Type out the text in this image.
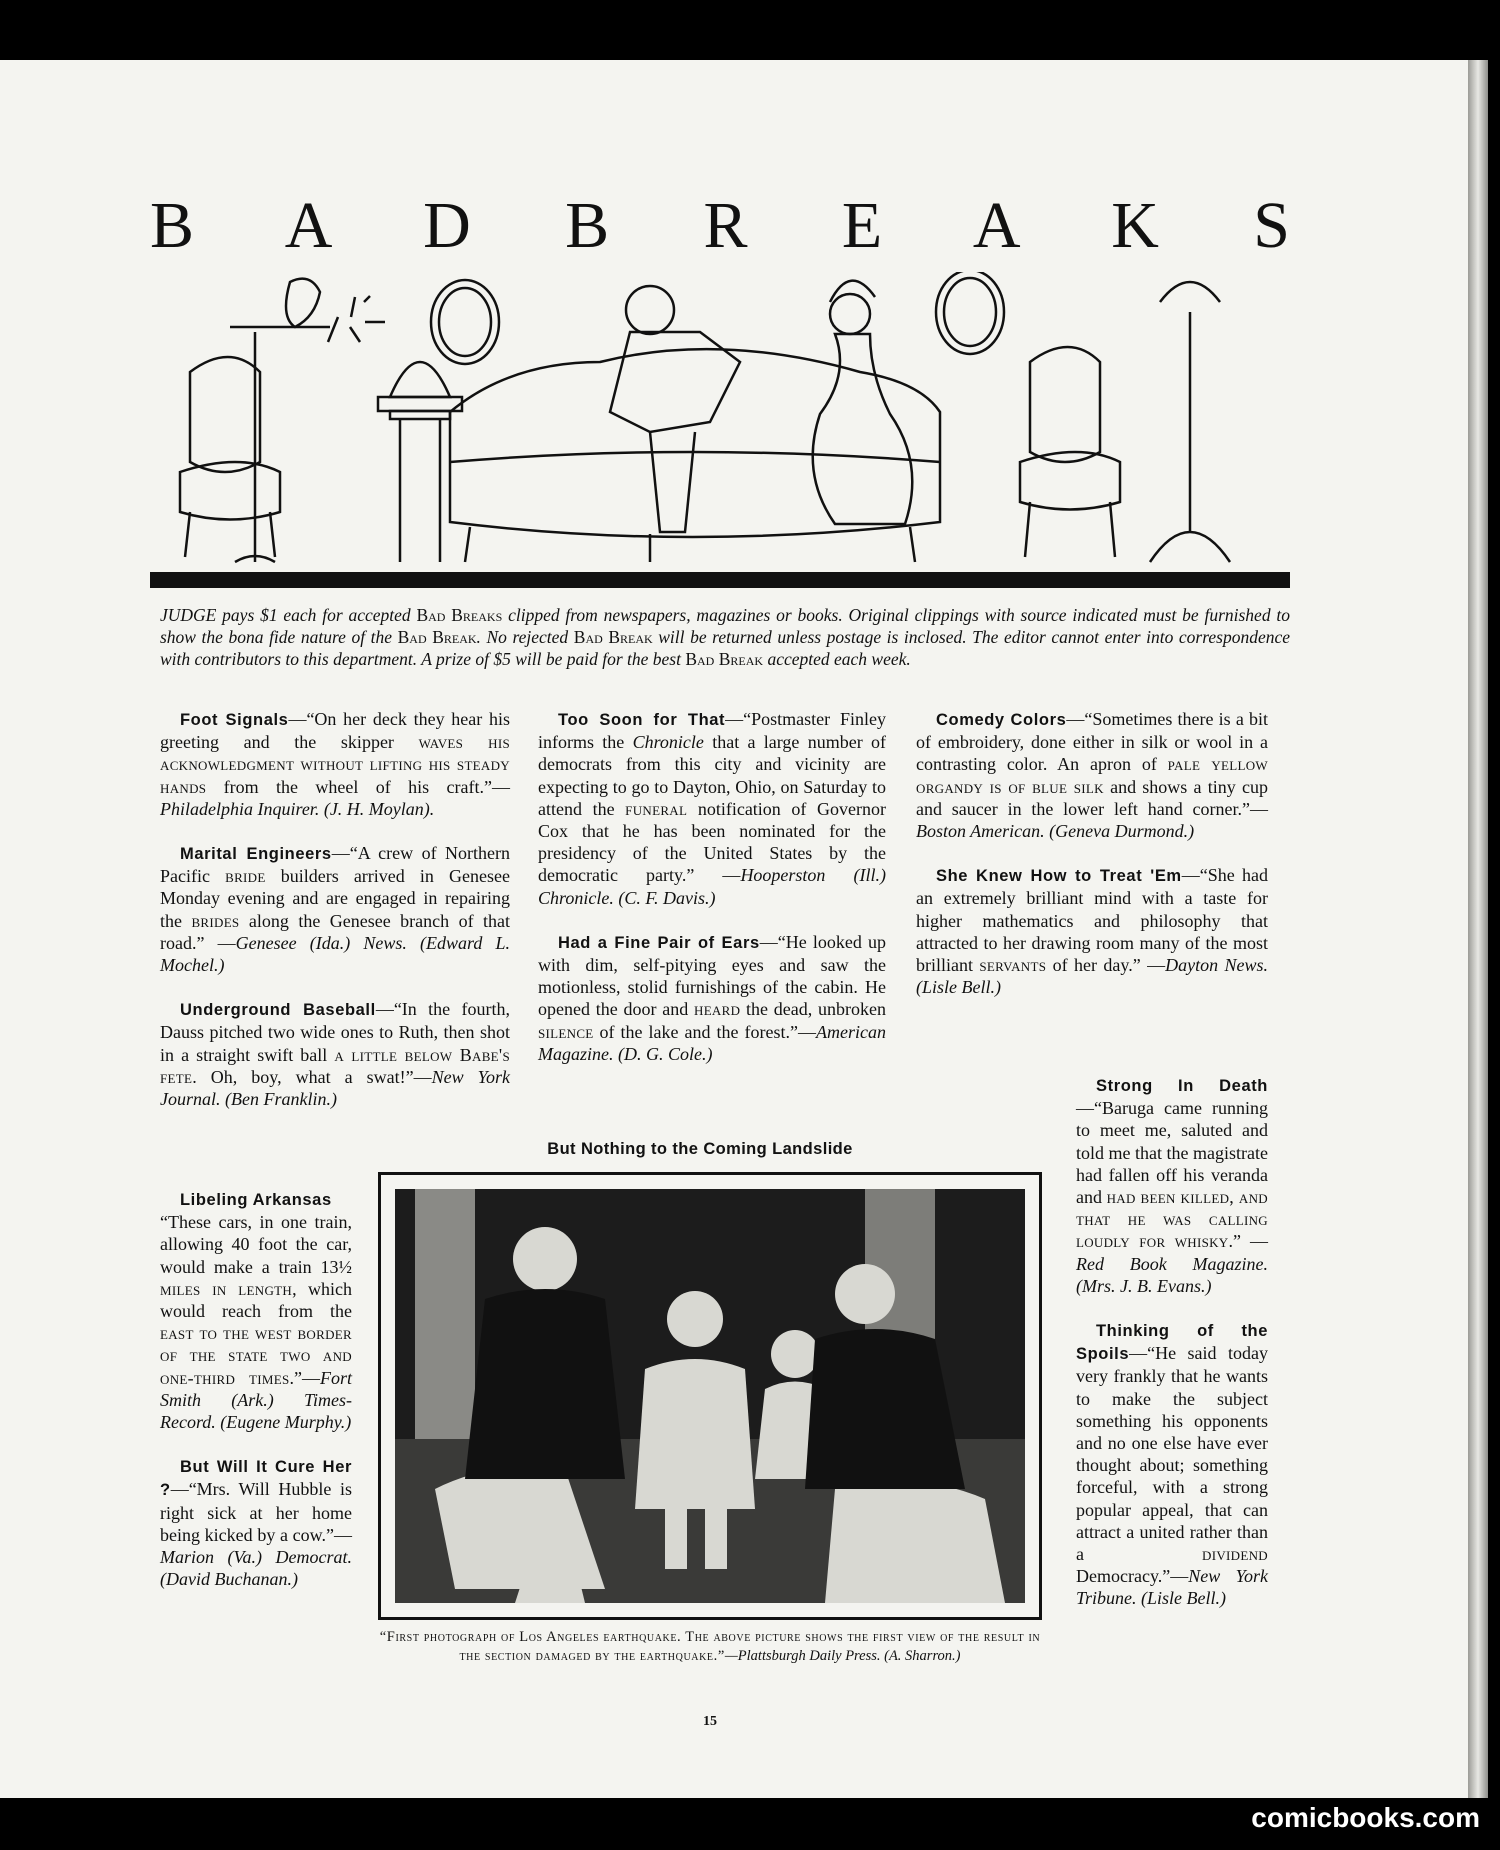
B A D B R E A K S
JUDGE pays $1 each for accepted Bad Breaks clipped from newspapers, magazines or books. Original clippings with source indicated must be furnished to show the bona fide nature of the Bad Break. No rejected Bad Break will be returned unless postage is inclosed. The editor cannot enter into correspondence with contributors to this department. A prize of $5 will be paid for the best Bad Break accepted each week.

Foot Signals—“On her deck they hear his greeting and the skipper waves his acknowledgment without lifting his steady hands from the wheel of his craft.”—Philadelphia Inquirer. (J. H. Moylan).

Marital Engineers—“A crew of Northern Pacific bride builders arrived in Genesee Monday evening and are engaged in repairing the brides along the Genesee branch of that road.” —Genesee (Ida.) News. (Edward L. Mochel.)

Underground Baseball—“In the fourth, Dauss pitched two wide ones to Ruth, then shot in a straight swift ball a little below Babe's fete. Oh, boy, what a swat!”—New York Journal. (Ben Franklin.)

Libeling Arkansas
“These cars, in one train, allowing 40 foot the car, would make a train 13½ miles in length, which would reach from the east to the west border of the state two and one-third times.”—Fort Smith (Ark.) Times-Record. (Eugene Murphy.)

But Will It Cure Her ?—“Mrs. Will Hubble is right sick at her home being kicked by a cow.”—Marion (Va.) Democrat. (David Buchanan.)

Too Soon for That—“Postmaster Finley informs the Chronicle that a large number of democrats from this city and vicinity are expecting to go to Dayton, Ohio, on Saturday to attend the funeral notification of Governor Cox that he has been nominated for the presidency of the United States by the democratic party.” —Hooperston (Ill.) Chronicle. (C. F. Davis.)

Had a Fine Pair of Ears—“He looked up with dim, self-pitying eyes and saw the motionless, stolid furnishings of the cabin. He opened the door and heard the dead, unbroken silence of the lake and the forest.”—American Magazine. (D. G. Cole.)

Comedy Colors—“Sometimes there is a bit of embroidery, done either in silk or wool in a contrasting color. An apron of pale yellow organdy is of blue silk and shows a tiny cup and saucer in the lower left hand corner.”—Boston American. (Geneva Durmond.)

She Knew How to Treat 'Em—“She had an extremely brilliant mind with a taste for higher mathematics and philosophy that attracted to her drawing room many of the most brilliant servants of her day.” —Dayton News. (Lisle Bell.)

Strong In Death—“Baruga came running to meet me, saluted and told me that the magistrate had fallen off his veranda and had been killed, and that he was calling loudly for whisky.” —Red Book Magazine. (Mrs. J. B. Evans.)

Thinking of the Spoils—“He said today very frankly that he wants to make the subject something his opponents and no one else have ever thought about; something forceful, with a strong popular appeal, that can attract a united rather than a dividend Democracy.”—New York Tribune. (Lisle Bell.)

But Nothing to the Coming Landslide
“First photograph of Los Angeles earthquake. The above picture shows the first view of the result in the section damaged by the earthquake.”—Plattsburgh Daily Press. (A. Sharron.)
15
comicbooks.com
